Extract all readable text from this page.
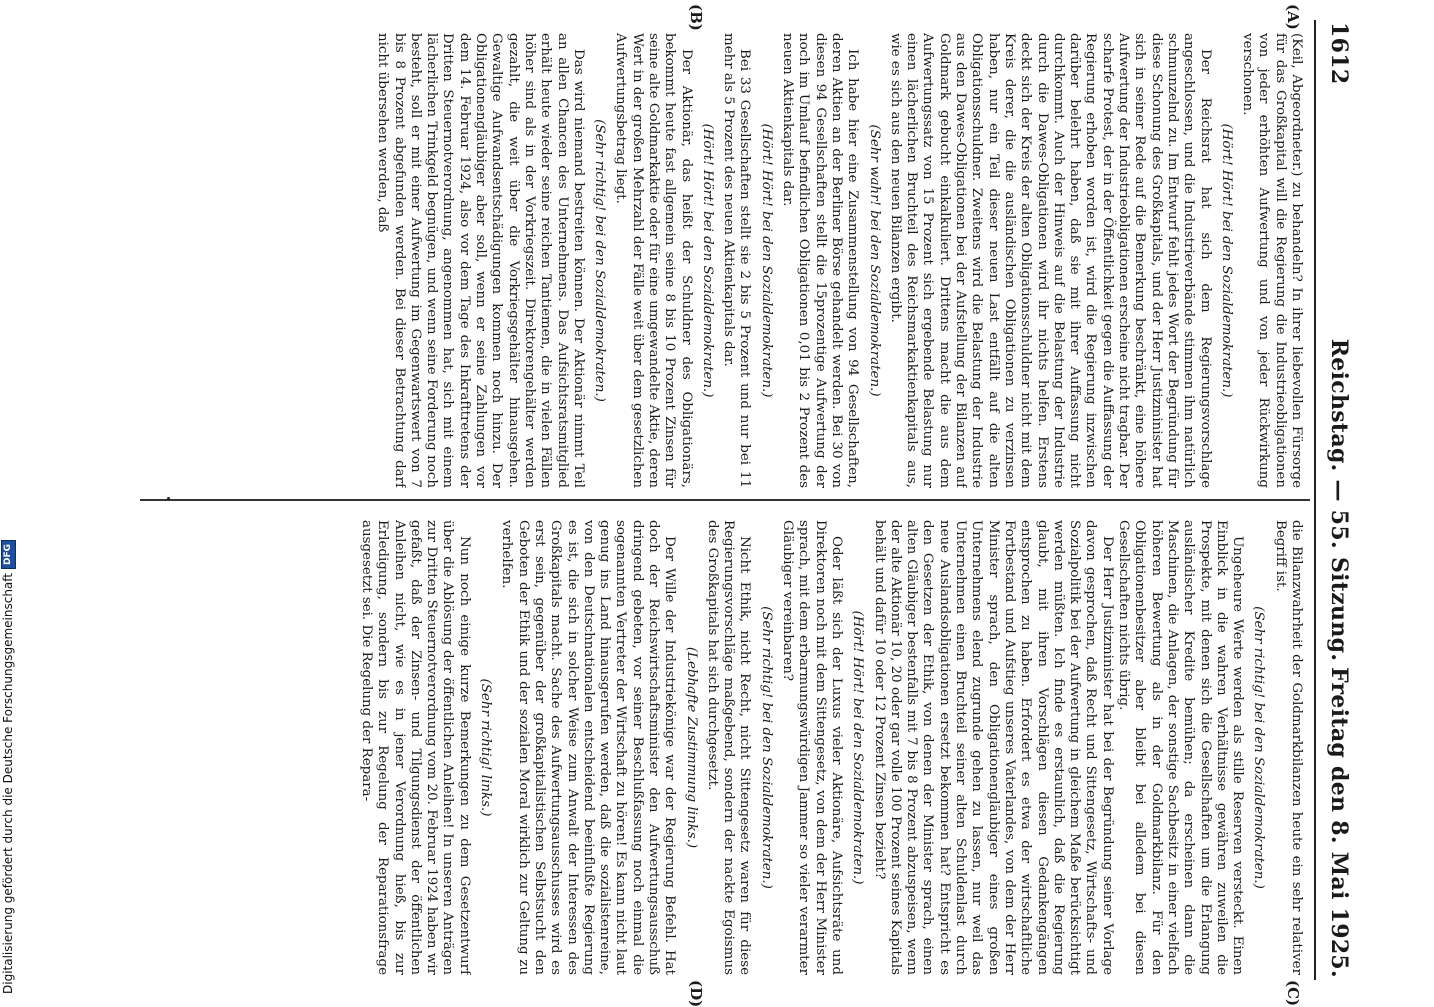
1612
Reichstag. — 55. Sitzung.
Freitag den 8. Mai 1925.
(A)
(B)
(C)
(D)

(Keil, Abgeordneter.) zu behandeln? In ihrer liebevollen Fürsorge für das Großkapital will die Regierung die Industrieobligationen von jeder erhöhten Aufwertung und von jeder Rückwirkung verschonen.

(Hört! Hört! bei den Sozialdemokraten.)

Der Reichsrat hat sich dem Regierungsvorschlage angeschlossen, und die Industrieverbände stimmen ihm natürlich schmunzelnd zu. Im Entwurf fehlt jedes Wort der Begründung für diese Schonung des Großkapitals, und der Herr Justizminister hat sich in seiner Rede auf die Bemerkung beschränkt, eine höhere Aufwertung der Industrieobligationen erscheine nicht tragbar. Der scharfe Protest, der in der Öffentlichkeit gegen die Auffassung der Regierung erhoben worden ist, wird die Regierung inzwischen darüber belehrt haben, daß sie mit ihrer Auffassung nicht durchkommt. Auch der Hinweis auf die Belastung der Industrie durch die Dawes-Obligationen wird ihr nichts helfen. Erstens deckt sich der Kreis der alten Obligationsschuldner nicht mit dem Kreis derer, die die ausländischen Obligationen zu verzinsen haben, nur ein Teil dieser neuen Last entfällt auf die alten Obligationsschuldner. Zweitens wird die Belastung der Industrie aus den Dawes-Obligationen bei der Aufstellung der Bilanzen auf Goldmark gebucht einkalkuliert. Drittens macht die aus dem Aufwertungssatz von 15 Prozent sich ergebende Belastung nur einen lächerlichen Bruchteil des Reichsmarkaktienkapitals aus, wie es sich aus den neuen Bilanzen ergibt.

(Sehr wahr! bei den Sozialdemokraten.)

Ich habe hier eine Zusammenstellung von 94 Gesellschaften, deren Aktien an der Berliner Börse gehandelt werden. Bei 30 von diesen 94 Gesellschaften stellt die 15prozentige Aufwertung der noch im Umlauf befindlichen Obligationen 0,01 bis 2 Prozent des neuen Aktienkapitals dar.

(Hört! Hört! bei den Sozialdemokraten.)

Bei 33 Gesellschaften stellt sie 2 bis 5 Prozent und nur bei 11 mehr als 5 Prozent des neuen Aktienkapitals dar.

(Hört! Hört! bei den Sozialdemokraten.)

Der Aktionär, das heißt der Schuldner des Obligationärs, bekommt heute fast allgemein seine 8 bis 10 Prozent Zinsen für seine alte Goldmarkaktie oder für eine umgewandelte Aktie, deren Wert in der großen Mehrzahl der Fälle weit über dem gesetzlichen Aufwertungsbetrag liegt.

(Sehr richtig! bei den Sozialdemokraten.)

Das wird niemand bestreiten können. Der Aktionär nimmt Teil an allen Chancen des Unternehmens. Das Aufsichtsratsmitglied erhält heute wieder seine reichen Tantiemen, die in vielen Fällen höher sind als in der Vorkriegszeit. Direktorengehälter werden gezahlt, die weit über die Vorkriegsgehälter hinausgehen. Gewaltige Aufwandsentschädigungen kommen noch hinzu. Der Obligationengläubiger aber soll, wenn er seine Zahlungen vor dem 14. Februar 1924, also vor dem Tage des Inkrafttretens der Dritten Steuernotverordnung, angenommen hat, sich mit einem lächerlichen Trinkgeld begnügen, und wenn seine Forderung noch besteht, soll er mit einer Aufwertung im Gegenwartswert von 7 bis 8 Prozent abgefunden werden. Bei dieser Betrachtung darf nicht übersehen werden, daß

die Bilanzwahrheit der Goldmarkbilanzen heute ein sehr relativer Begriff ist.

(Sehr richtig! bei den Sozialdemokraten.)

Ungeheure Werte werden als stille Reserven versteckt. Einen Einblick in die wahren Verhältnisse gewähren zuweilen die Prospekte, mit denen sich die Gesellschaften um die Erlangung ausländischer Kredite bemühen; da erscheinen dann die Maschinen, die Anlagen, der sonstige Sachbesitz in einer vielfach höheren Bewertung als in der Goldmarkbilanz. Für den Obligationenbesitzer aber bleibt bei alledem bei diesen Gesellschaften nichts übrig.

Der Herr Justizminister hat bei der Begründung seiner Vorlage davon gesprochen, daß Recht und Sittengesetz, Wirtschafts- und Sozialpolitik bei der Aufwertung in gleichem Maße berücksichtigt werden müßten. Ich finde es erstaunlich, daß die Regierung glaubt, mit ihren Vorschlägen diesen Gedankengängen entsprochen zu haben. Erfordert es etwa der wirtschaftliche Fortbestand und Aufstieg unseres Vaterlandes, von dem der Herr Minister sprach, den Obligationengläubiger eines großen Unternehmens elend zugrunde gehen zu lassen, nur weil das Unternehmen einen Bruchteil seiner alten Schuldenlast durch neue Auslandsobligationen ersetzt bekommen hat? Entspricht es den Gesetzen der Ethik, von denen der Minister sprach, einen alten Gläubiger bestenfalls mit 7 bis 8 Prozent abzuspeisen, wenn der alte Aktionär 10, 20 oder gar volle 100 Prozent seines Kapitals behält und dafür 10 oder 12 Prozent Zinsen bezieht?

(Hört! Hört! bei den Sozialdemokraten.)

Oder läßt sich der Luxus vieler Aktionäre, Aufsichtsräte und Direktoren noch mit dem Sittengesetz, von dem der Herr Minister sprach, mit dem erbarmungswürdigen Jammer so vieler verarmter Gläubiger vereinbaren?

(Sehr richtig! bei den Sozialdemokraten.)

Nicht Ethik, nicht Recht, nicht Sittengesetz waren für diese Regierungsvorschläge maßgebend, sondern der nackte Egoismus des Großkapitals hat sich durchgesetzt.

(Lebhafte Zustimmung links.)

Der Wille der Industriekönige war der Regierung Befehl. Hat doch der Reichswirtschaftsminister den Aufwertungsausschuß dringend gebeten, vor seiner Beschlußfassung noch einmal die sogenannten Vertreter der Wirtschaft zu hören! Es kann nicht laut genug ins Land hinausgerufen werden, daß die sozialistenreine, von den Deutschnationalen entscheidend beeinflußte Regierung es ist, die sich in solcher Weise zum Anwalt der Interessen des Großkapitals macht. Sache des Aufwertungsausschusses wird es erst sein, gegenüber der großkapitalistischen Selbstsucht den Geboten der Ethik und der sozialen Moral wirklich zur Geltung zu verhelfen.

(Sehr richtig! links.)

Nun noch einige kurze Bemerkungen zu dem Gesetzentwurf über die Ablösung der öffentlichen Anleihen! In unseren Anträgen zur Dritten Steuernotverordnung vom 20. Februar 1924 haben wir gefaßt, daß der Zinsen- und Tilgungsdienst der öffentlichen Anleihen nicht, wie es in jener Verordnung hieß, bis zur Erledigung, sondern bis zur Regelung der Reparationsfrage ausgesetzt sei. Die Regelung der Repara-

Digitalisierung gefördert durch die Deutsche Forschungsgemeinschaft
DFG
